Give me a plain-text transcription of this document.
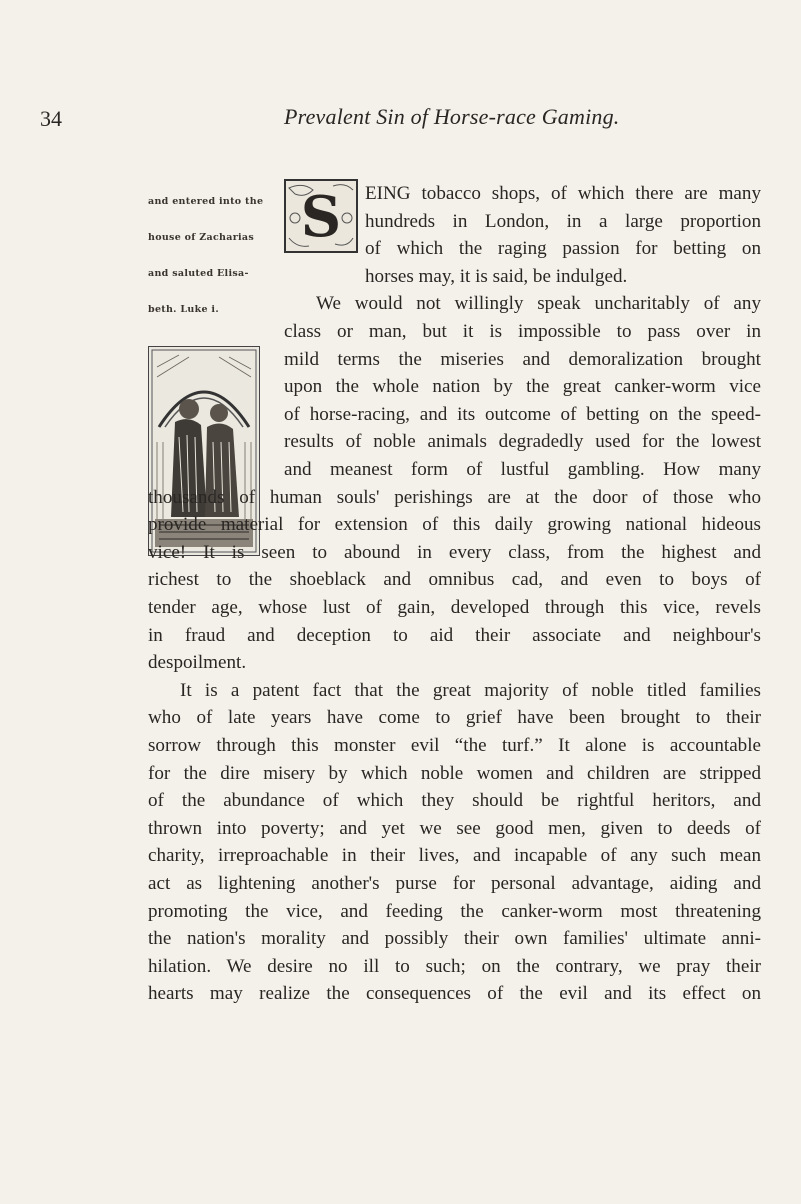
34	Prevalent Sin of Horse-race Gaming.

and entered into the

house of Zacharias

and saluted Elisa-

beth. Luke i.

S EING tobacco shops, of which there are many
hundreds in London, in a large proportion
of which the raging passion for betting on
horses may, it is said, be indulged.
We would not willingly speak uncharitably of any
class or man, but it is impossible to pass over in
mild terms the miseries and demoralization brought
upon the whole nation by the great canker-worm vice
of horse-racing, and its outcome of betting on the speed-
results of noble animals degradedly used for the lowest
and meanest form of lustful gambling. How many
thousands of human souls' perishings are at the door of those who
provide material for extension of this daily growing national hideous
vice! It is seen to abound in every class, from the highest and
richest to the shoeblack and omnibus cad, and even to boys of
tender age, whose lust of gain, developed through this vice, revels
in fraud and deception to aid their associate and neighbour's
despoilment.
It is a patent fact that the great majority of noble titled families
who of late years have come to grief have been brought to their
sorrow through this monster evil “the turf.” It alone is accountable
for the dire misery by which noble women and children are stripped
of the abundance of which they should be rightful heritors, and
thrown into poverty; and yet we see good men, given to deeds of
charity, irreproachable in their lives, and incapable of any such mean
act as lightening another's purse for personal advantage, aiding and
promoting the vice, and feeding the canker-worm most threatening
the nation's morality and possibly their own families' ultimate anni-
hilation. We desire no ill to such; on the contrary, we pray their
hearts may realize the consequences of the evil and its effect on
